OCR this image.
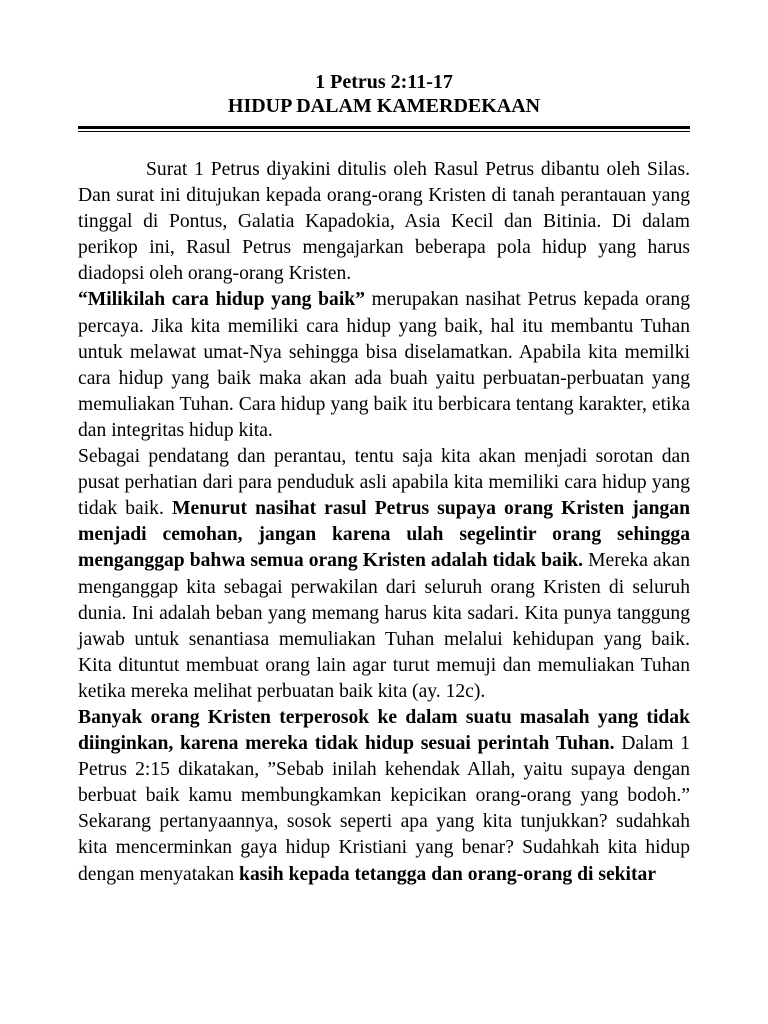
1 Petrus 2:11-17
HIDUP DALAM KAMERDEKAAN

Surat 1 Petrus diyakini ditulis oleh Rasul Petrus dibantu oleh Silas. Dan surat ini ditujukan kepada orang-orang Kristen di tanah perantauan yang tinggal di Pontus, Galatia Kapadokia, Asia Kecil dan Bitinia. Di dalam perikop ini, Rasul Petrus mengajarkan beberapa pola hidup yang harus diadopsi oleh orang-orang Kristen.

“Milikilah cara hidup yang baik” merupakan nasihat Petrus kepada orang percaya. Jika kita memiliki cara hidup yang baik, hal itu membantu Tuhan untuk melawat umat-Nya sehingga bisa diselamatkan. Apabila kita memilki cara hidup yang baik maka akan ada buah yaitu perbuatan-perbuatan yang memuliakan Tuhan. Cara hidup yang baik itu berbicara tentang karakter, etika dan integritas hidup kita.

Sebagai pendatang dan perantau, tentu saja kita akan menjadi sorotan dan pusat perhatian dari para penduduk asli apabila kita memiliki cara hidup yang tidak baik. Menurut nasihat rasul Petrus supaya orang Kristen jangan menjadi cemohan, jangan karena ulah segelintir orang sehingga menganggap bahwa semua orang Kristen adalah tidak baik. Mereka akan menganggap kita sebagai perwakilan dari seluruh orang Kristen di seluruh dunia. Ini adalah beban yang memang harus kita sadari. Kita punya tanggung jawab untuk senantiasa memuliakan Tuhan melalui kehidupan yang baik. Kita dituntut membuat orang lain agar turut memuji dan memuliakan Tuhan ketika mereka melihat perbuatan baik kita (ay. 12c).

Banyak orang Kristen terperosok ke dalam suatu masalah yang tidak diinginkan, karena mereka tidak hidup sesuai perintah Tuhan. Dalam 1 Petrus 2:15 dikatakan, ”Sebab inilah kehendak Allah, yaitu supaya dengan berbuat baik kamu membungkamkan kepicikan orang-orang yang bodoh.” Sekarang pertanyaannya, sosok seperti apa yang kita tunjukkan? sudahkah kita mencerminkan gaya hidup Kristiani yang benar? Sudahkah kita hidup dengan menyatakan kasih kepada tetangga dan orang-orang di sekitar
